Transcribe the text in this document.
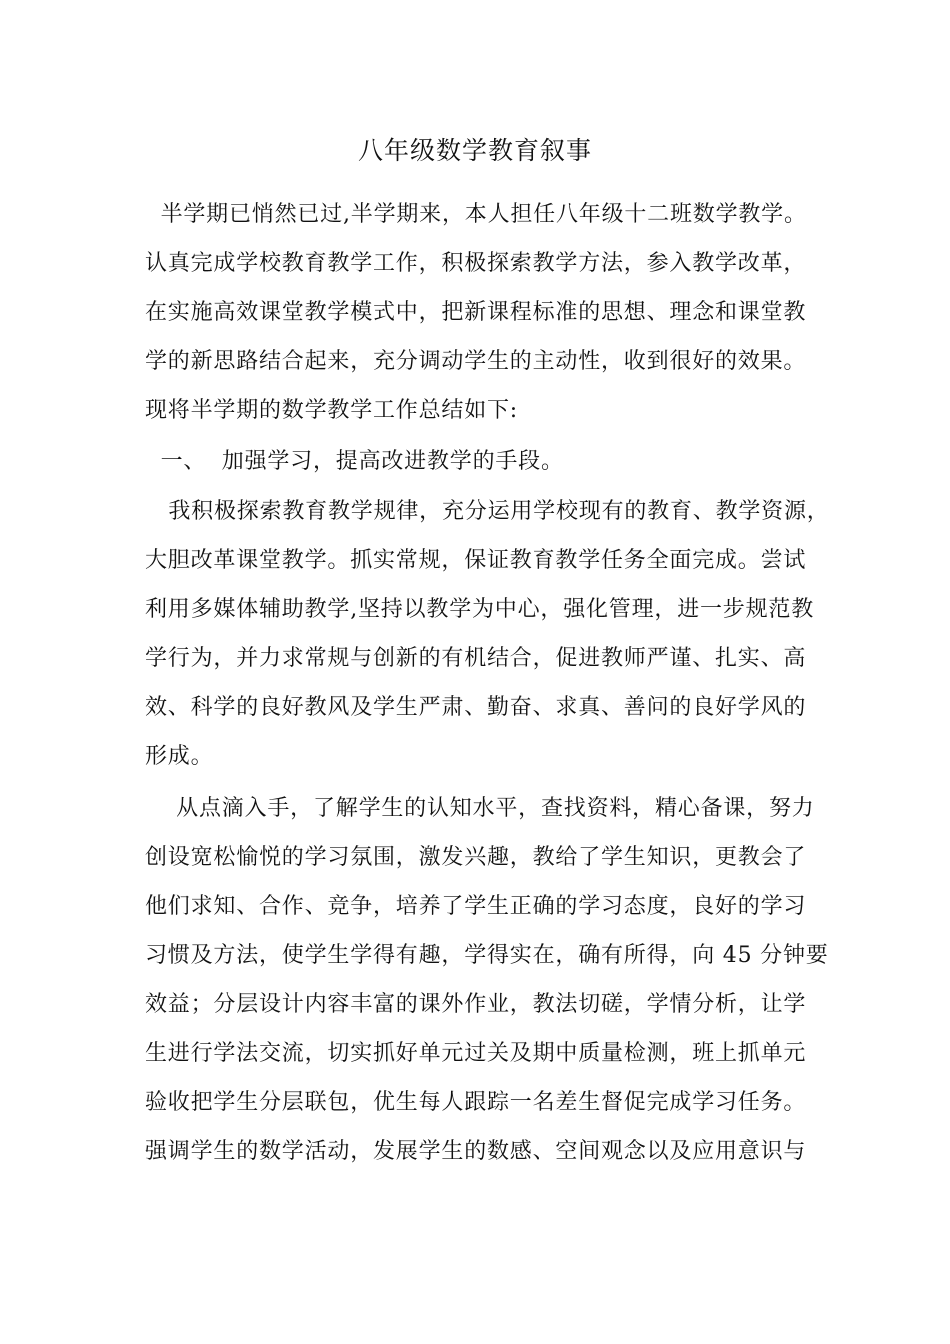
八年级数学教育叙事
半学期已悄然已过,半学期来，本人担任八年级十二班数学教学。
认真完成学校教育教学工作，积极探索教学方法，参入教学改革，
在实施高效课堂教学模式中，把新课程标准的思想、理念和课堂教
学的新思路结合起来，充分调动学生的主动性，收到很好的效果。
现将半学期的数学教学工作总结如下:
一、  加强学习，提高改进教学的手段。
我积极探索教育教学规律，充分运用学校现有的教育、教学资源，
大胆改革课堂教学。抓实常规，保证教育教学任务全面完成。尝试
利用多媒体辅助教学,坚持以教学为中心，强化管理，进一步规范教
学行为，并力求常规与创新的有机结合，促进教师严谨、扎实、高
效、科学的良好教风及学生严肃、勤奋、求真、善问的良好学风的
形成。
从点滴入手，了解学生的认知水平，查找资料，精心备课，努力
创设宽松愉悦的学习氛围，激发兴趣，教给了学生知识，更教会了
他们求知、合作、竞争，培养了学生正确的学习态度，良好的学习
习惯及方法，使学生学得有趣，学得实在，确有所得，向 45 分钟要
效益；分层设计内容丰富的课外作业，教法切磋，学情分析，让学
生进行学法交流，切实抓好单元过关及期中质量检测，班上抓单元
验收把学生分层联包，优生每人跟踪一名差生督促完成学习任务。
强调学生的数学活动，发展学生的数感、空间观念以及应用意识与
